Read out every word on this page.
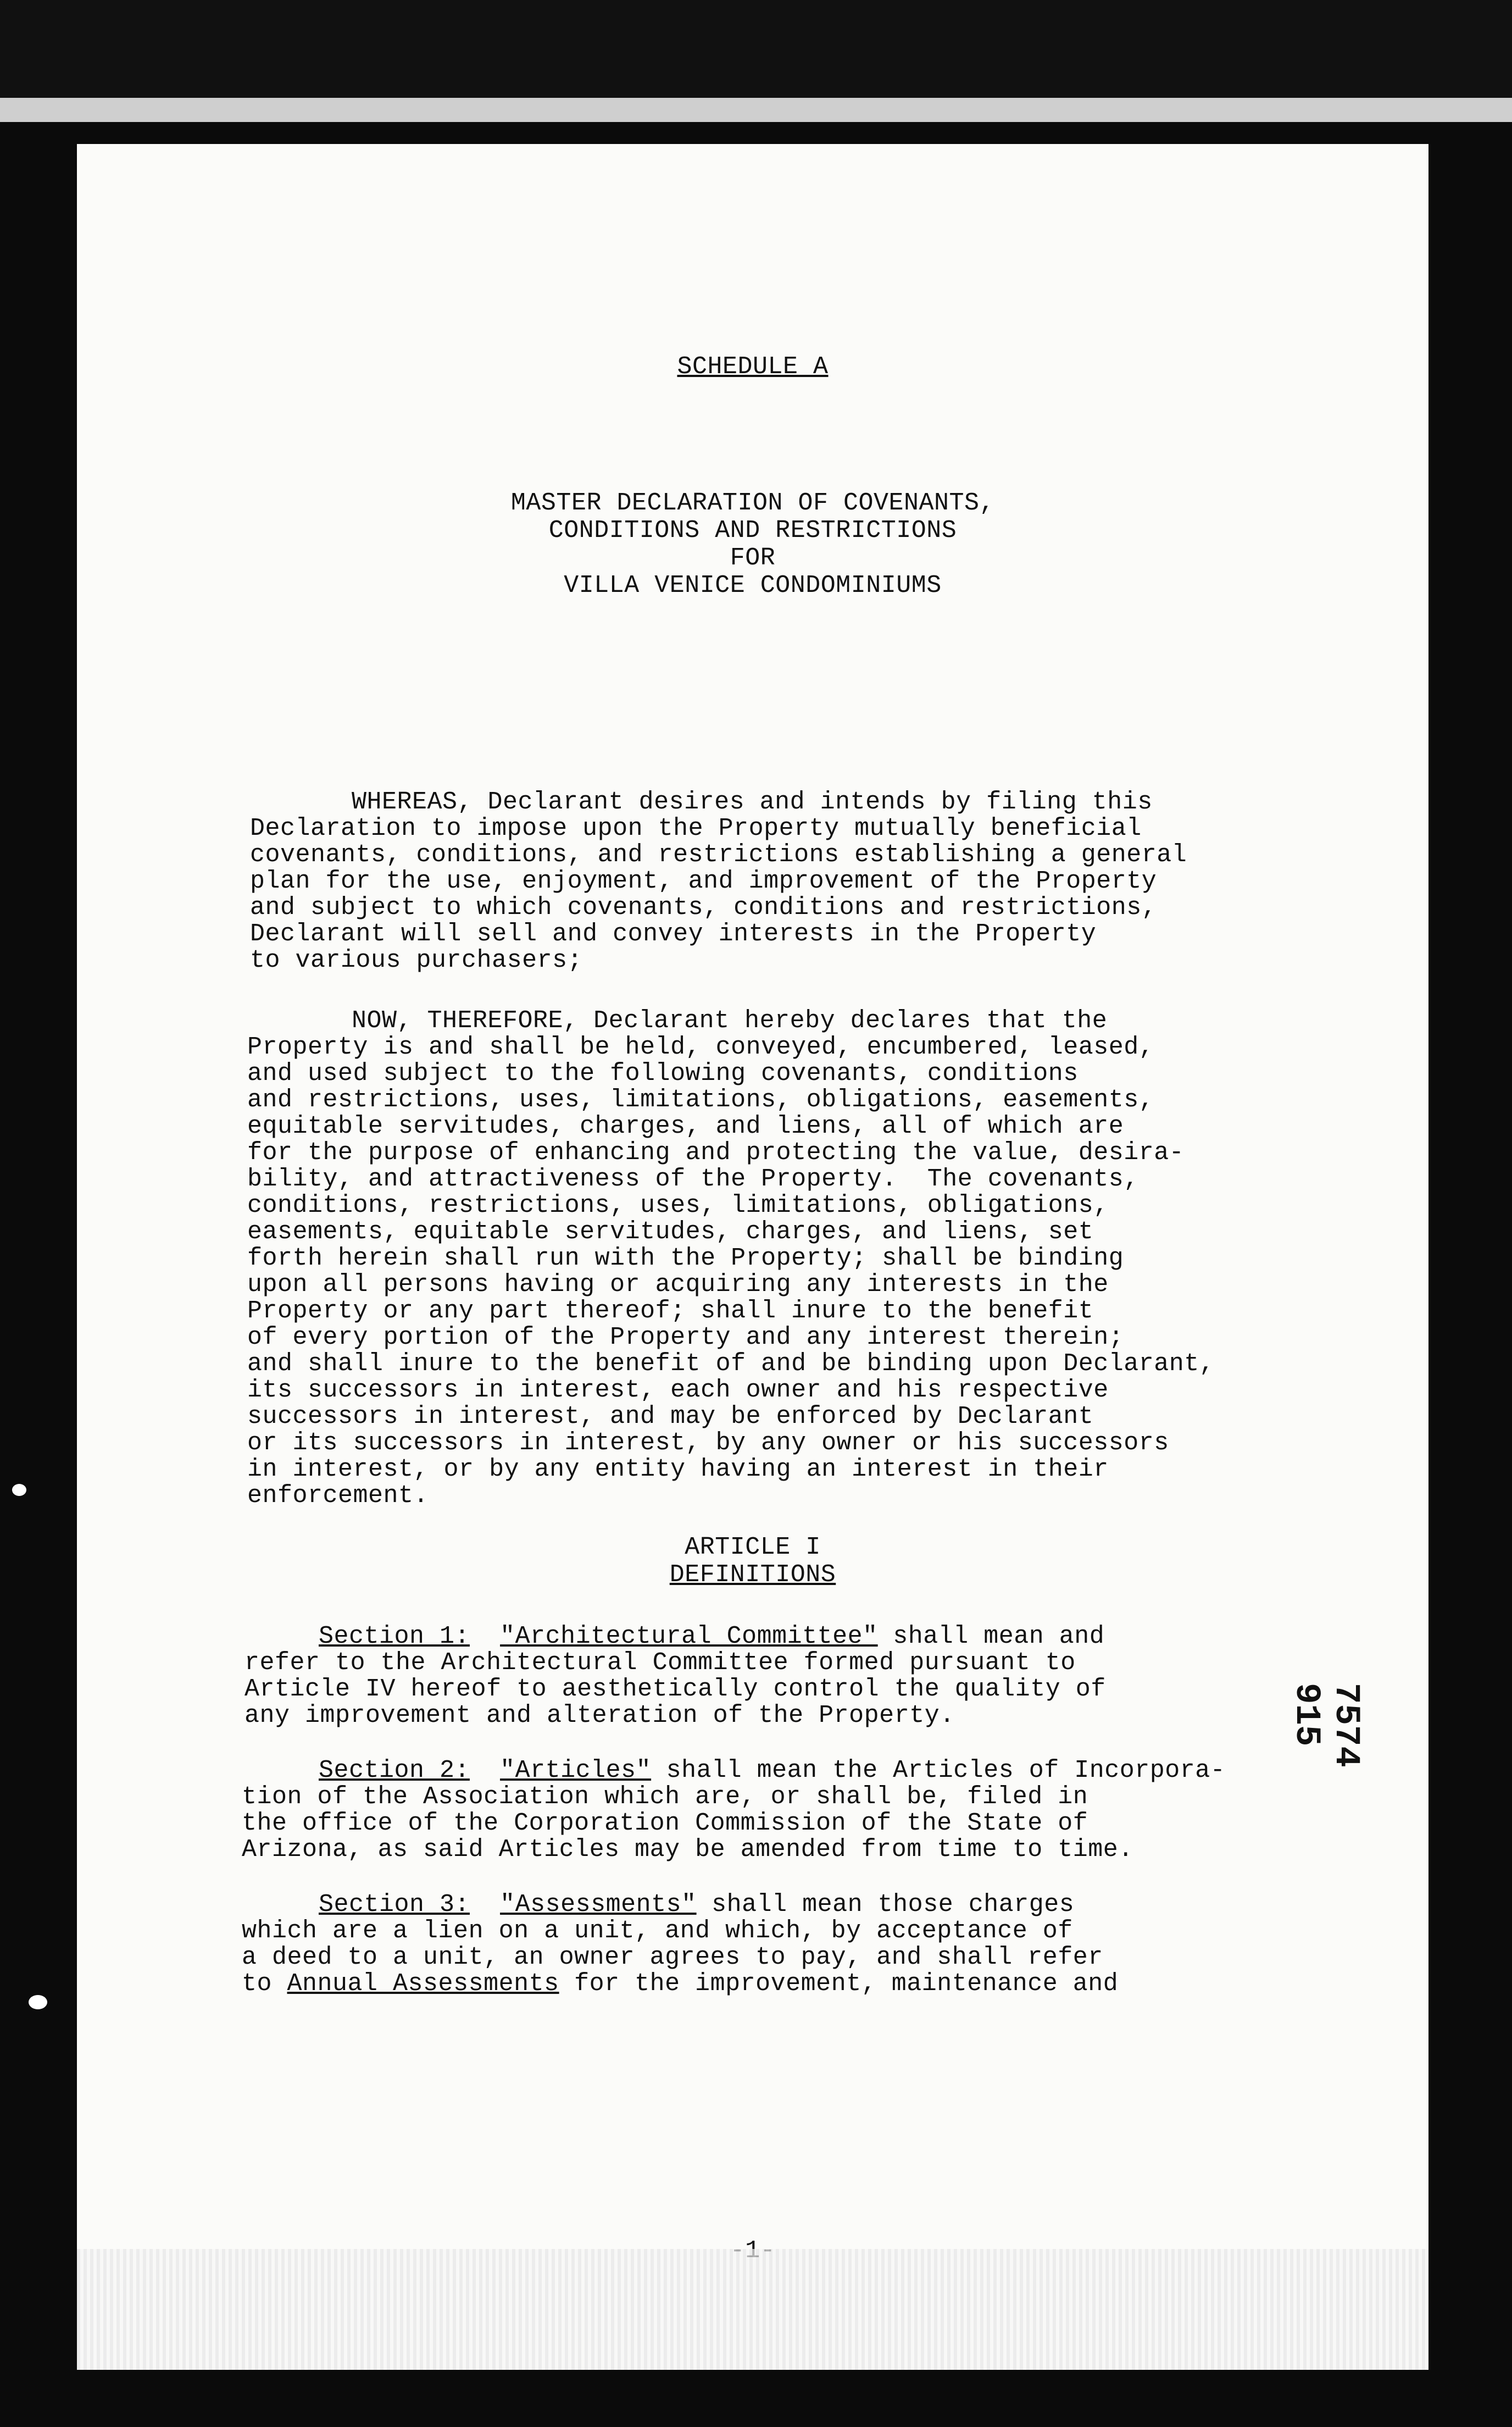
SCHEDULE A
MASTER DECLARATION OF COVENANTS,
CONDITIONS AND RESTRICTIONS
FOR
VILLA VENICE CONDOMINIUMS
WHEREAS, Declarant desires and intends by filing this
Declaration to impose upon the Property mutually beneficial
covenants, conditions, and restrictions establishing a general
plan for the use, enjoyment, and improvement of the Property
and subject to which covenants, conditions and restrictions,
Declarant will sell and convey interests in the Property
to various purchasers;
NOW, THEREFORE, Declarant hereby declares that the
Property is and shall be held, conveyed, encumbered, leased,
and used subject to the following covenants, conditions
and restrictions, uses, limitations, obligations, easements,
equitable servitudes, charges, and liens, all of which are
for the purpose of enhancing and protecting the value, desira-
bility, and attractiveness of the Property.  The covenants,
conditions, restrictions, uses, limitations, obligations,
easements, equitable servitudes, charges, and liens, set
forth herein shall run with the Property; shall be binding
upon all persons having or acquiring any interests in the
Property or any part thereof; shall inure to the benefit
of every portion of the Property and any interest therein;
and shall inure to the benefit of and be binding upon Declarant,
its successors in interest, each owner and his respective
successors in interest, and may be enforced by Declarant
or its successors in interest, by any owner or his successors
in interest, or by any entity having an interest in their
enforcement.
ARTICLE I
DEFINITIONS
Section 1: "Architectural Committee" shall mean and
refer to the Architectural Committee formed pursuant to
Article IV hereof to aesthetically control the quality of
any improvement and alteration of the Property.
Section 2: "Articles" shall mean the Articles of Incorpora-
tion of the Association which are, or shall be, filed in
the office of the Corporation Commission of the State of
Arizona, as said Articles may be amended from time to time.
Section 3: "Assessments" shall mean those charges
which are a lien on a unit, and which, by acceptance of
a deed to a unit, an owner agrees to pay, and shall refer
to Annual Assessments for the improvement, maintenance and
7574 915
